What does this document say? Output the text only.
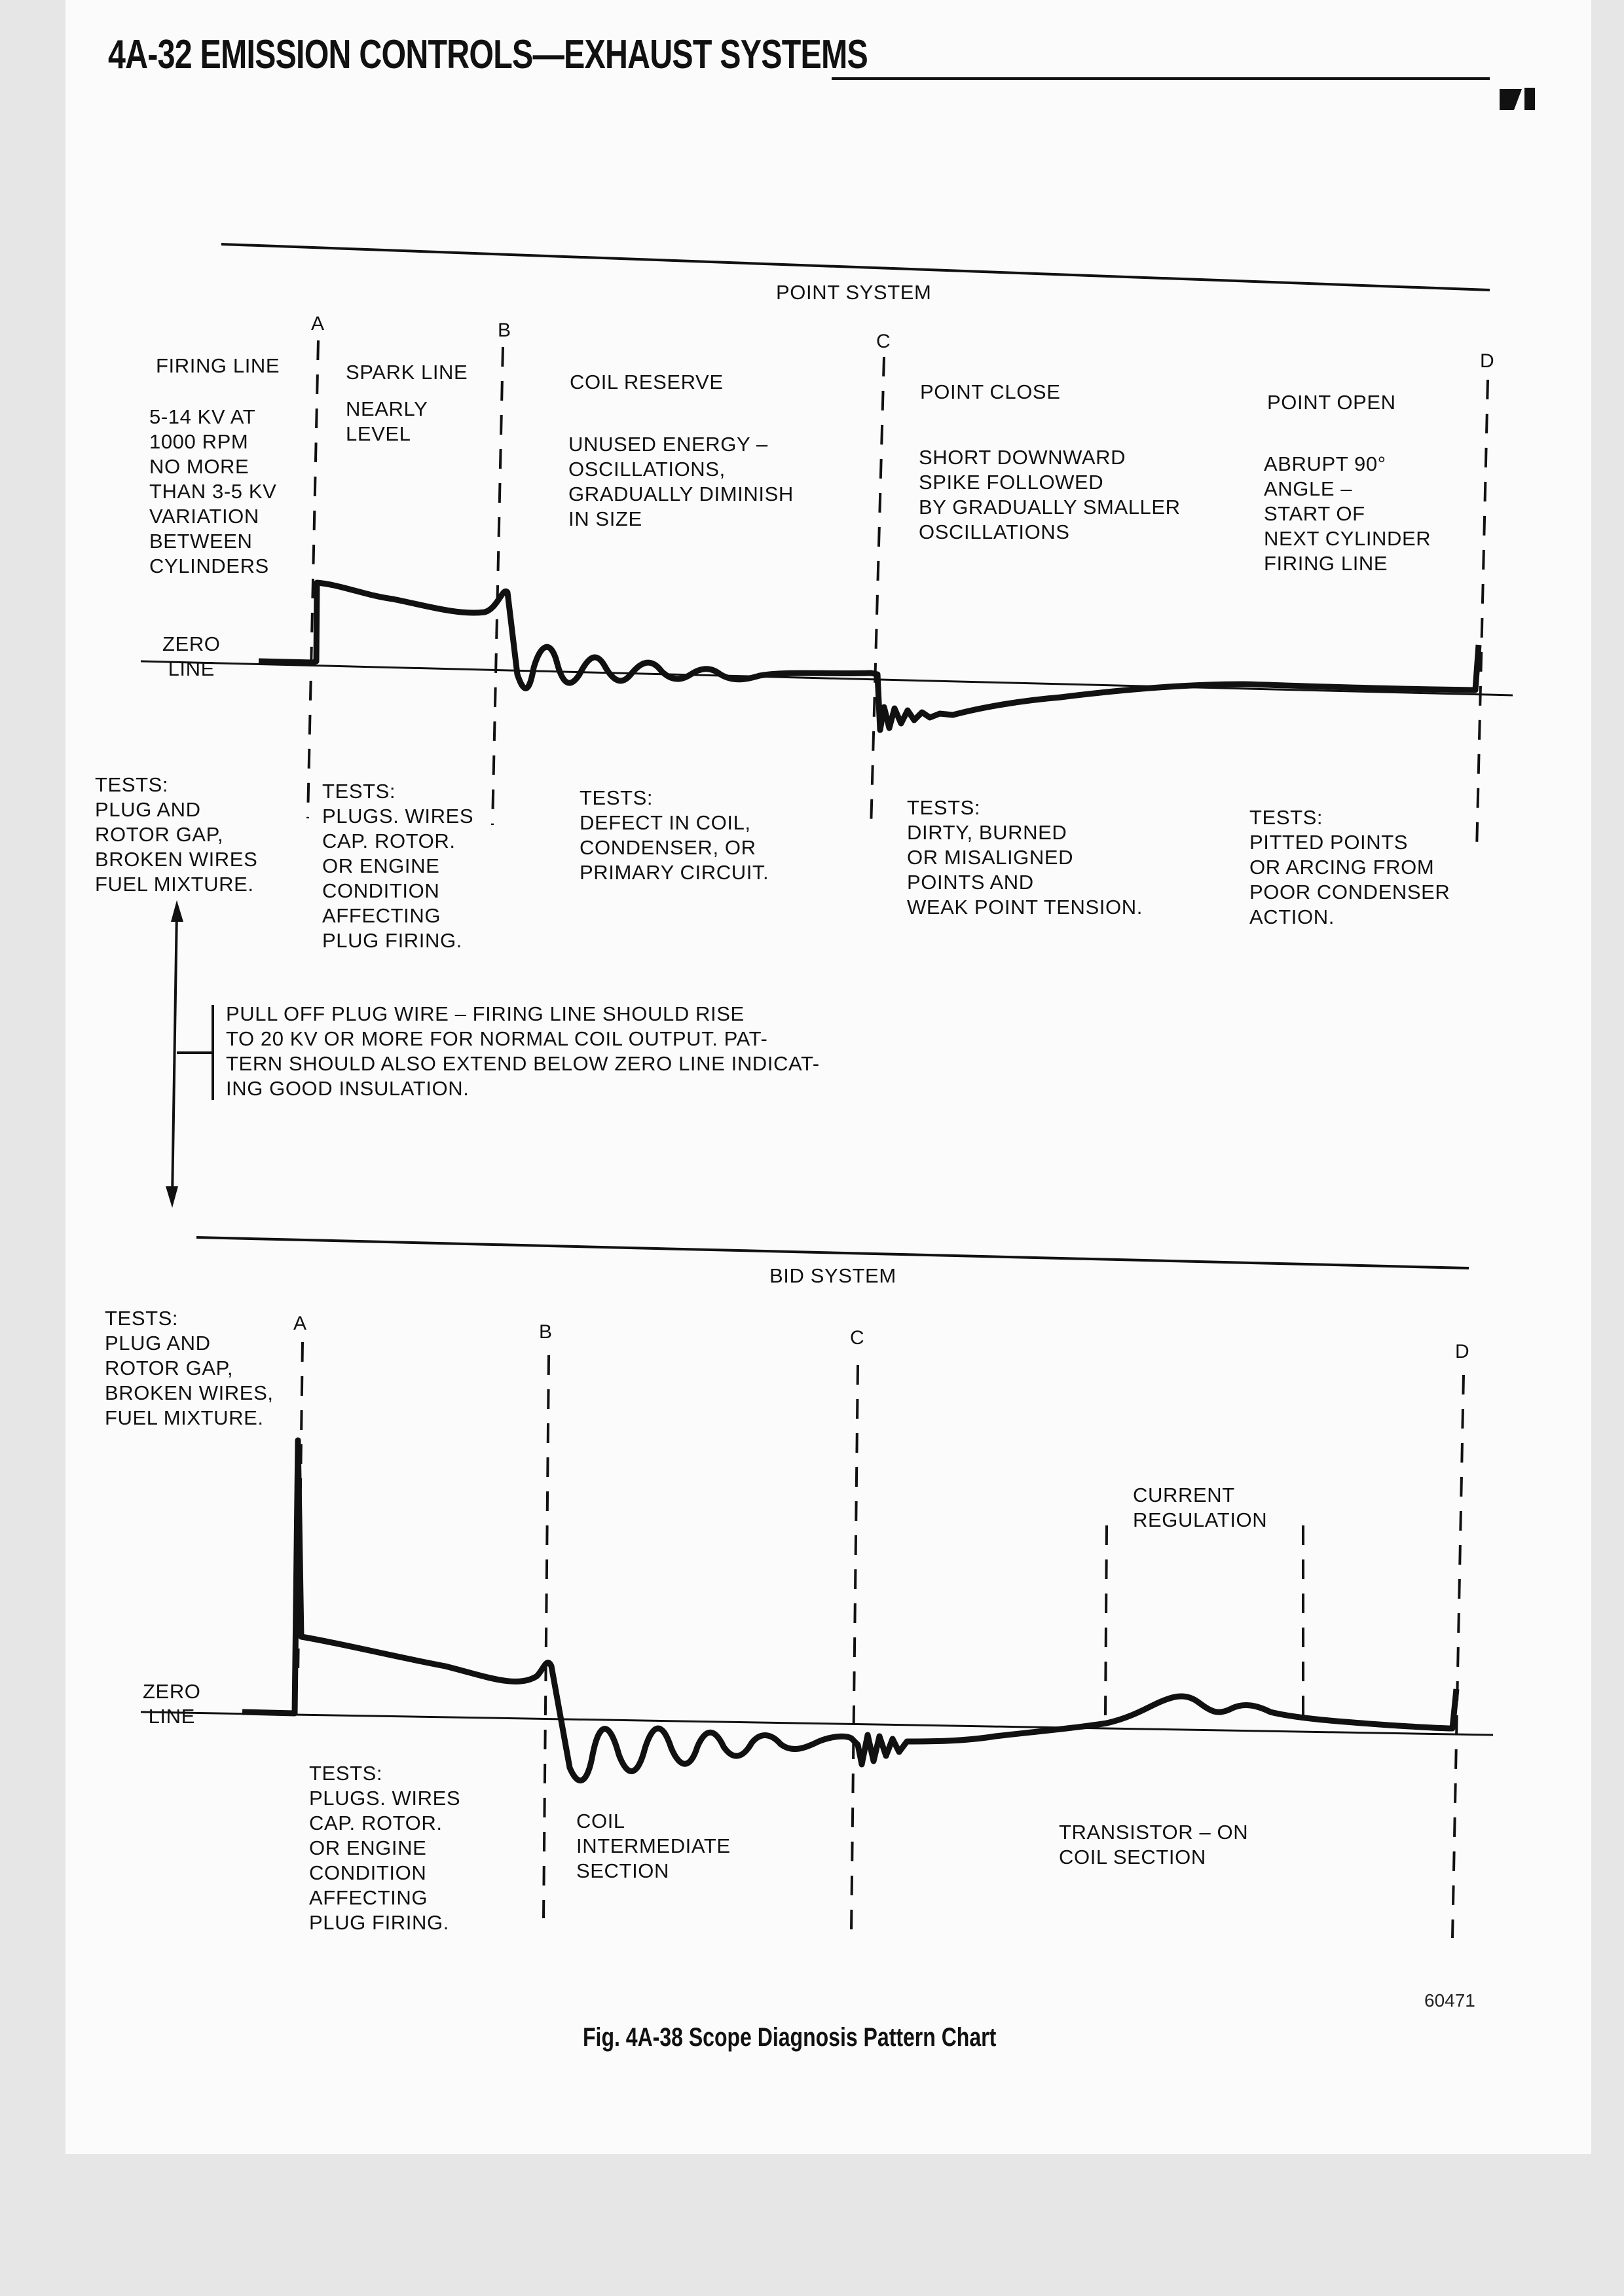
4A-32 EMISSION CONTROLS—EXHAUST SYSTEMS
POINT SYSTEM
A	B
C
D
FIRING LINE
5-14 KV AT
1000 RPM
NO MORE
THAN 3-5 KV
VARIATION
BETWEEN
CYLINDERS
SPARK LINE
NEARLY
LEVEL
COIL RESERVE
UNUSED ENERGY –
OSCILLATIONS,
GRADUALLY DIMINISH
IN SIZE
POINT CLOSE
SHORT DOWNWARD
SPIKE FOLLOWED
BY GRADUALLY SMALLER
OSCILLATIONS
POINT OPEN
ABRUPT 90°
ANGLE –
START OF
NEXT CYLINDER
FIRING LINE
ZERO
LINE
TESTS:
PLUG AND
ROTOR GAP,
BROKEN WIRES
FUEL MIXTURE.
TESTS:
PLUGS. WIRES
CAP. ROTOR.
OR ENGINE
CONDITION
AFFECTING
PLUG FIRING.
TESTS:
DEFECT IN COIL,
CONDENSER, OR
PRIMARY CIRCUIT.
TESTS:
DIRTY, BURNED
OR MISALIGNED
POINTS AND
WEAK POINT TENSION.
TESTS:
PITTED POINTS
OR ARCING FROM
POOR CONDENSER
ACTION.
PULL OFF PLUG WIRE – FIRING LINE SHOULD RISE
TO 20 KV OR MORE FOR NORMAL COIL OUTPUT. PAT-
TERN SHOULD ALSO EXTEND BELOW ZERO LINE INDICAT-
ING GOOD INSULATION.
BID SYSTEM
A	B	C
D
TESTS:
PLUG AND
ROTOR GAP,
BROKEN WIRES,
FUEL MIXTURE.
ZERO
LINE
TESTS:
PLUGS. WIRES
CAP. ROTOR.
OR ENGINE
CONDITION
AFFECTING
PLUG FIRING.
COIL
INTERMEDIATE
SECTION
CURRENT
REGULATION
TRANSISTOR – ON
COIL SECTION
60471
Fig. 4A-38 Scope Diagnosis Pattern Chart
